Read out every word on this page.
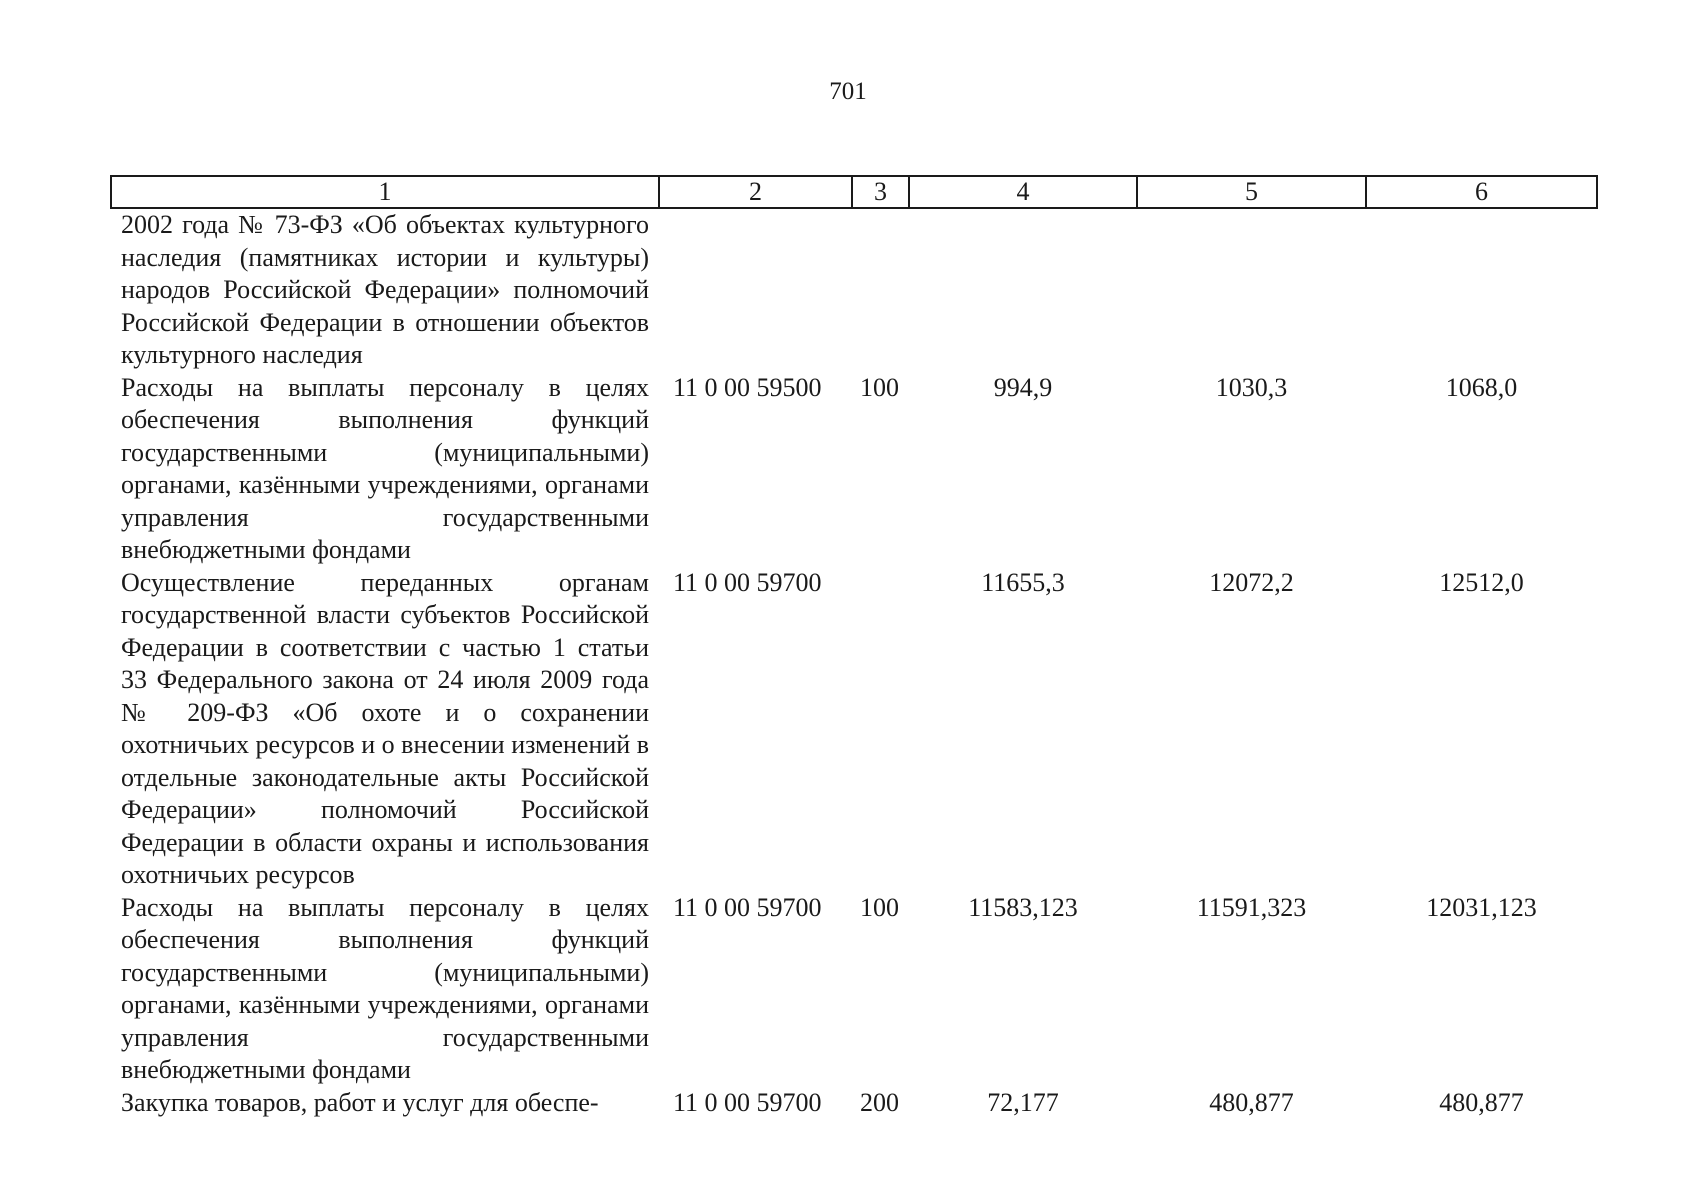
701
1	2	3	4	5	6
2002 года № 73-ФЗ «Об объектах культурного наследия (памятниках истории и культуры) народов Российской Федерации» полномочий Российской Федерации в отношении объектов культурного наследия					
Расходы на выплаты персоналу в целях обеспечения выполнения функций государственными (муниципальными) органами, казёнными учреждениями, органами управления государственными внебюджетными фондами	11 0 00 59500	100	994,9	1030,3	1068,0
Осуществление переданных органам государственной власти субъектов Российской Федерации в соответствии с частью 1 статьи 33 Федерального закона от 24 июля 2009 года № 209-ФЗ «Об охоте и о сохранении охотничьих ресурсов и о внесении изменений в отдельные законодательные акты Российской Федерации» полномочий Российской Федерации в области охраны и использования охотничьих ресурсов	11 0 00 59700		11655,3	12072,2	12512,0
Расходы на выплаты персоналу в целях обеспечения выполнения функций государственными (муниципальными) органами, казёнными учреждениями, органами управления государственными внебюджетными фондами	11 0 00 59700	100	11583,123	11591,323	12031,123
Закупка товаров, работ и услуг для обеспе-	11 0 00 59700	200	72,177	480,877	480,877
